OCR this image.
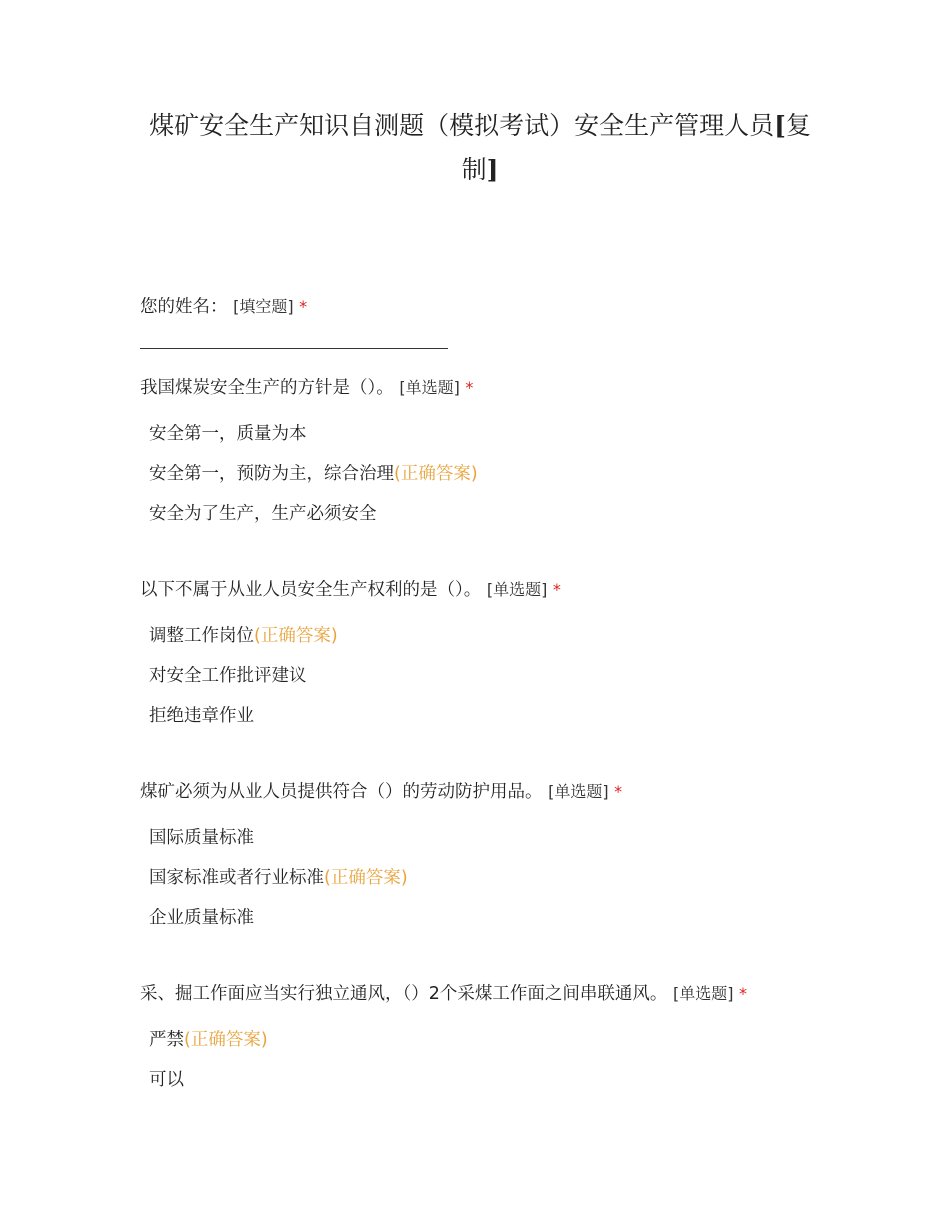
煤矿安全生产知识自测题（模拟考试）安全生产管理人员[复
制]

您的姓名： [填空题] *

我国煤炭安全生产的方针是（）。 [单选题] *

安全第一，质量为本
安全第一，预防为主，综合治理(正确答案)
安全为了生产，生产必须安全

以下不属于从业人员安全生产权利的是（）。 [单选题] *

调整工作岗位(正确答案)
对安全工作批评建议
拒绝违章作业

煤矿必须为从业人员提供符合（）的劳动防护用品。 [单选题] *

国际质量标准
国家标准或者行业标准(正确答案)
企业质量标准

采、掘工作面应当实行独立通风，（）2个采煤工作面之间串联通风。 [单选题] *

严禁(正确答案)
可以
